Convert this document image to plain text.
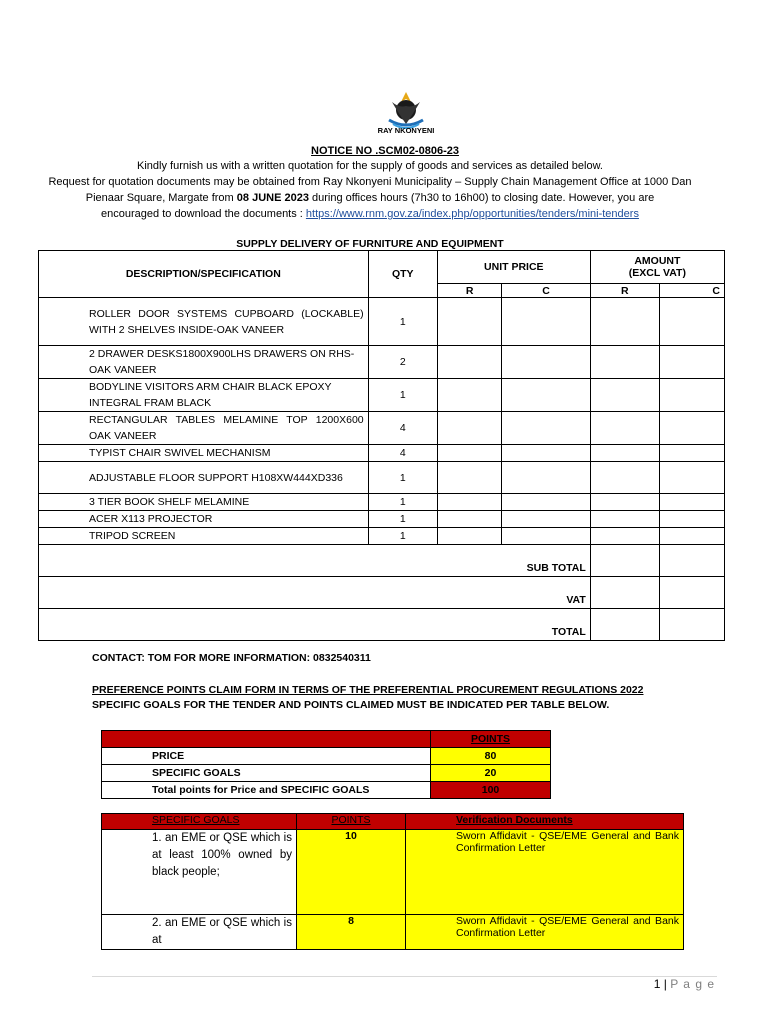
RAY NKONYENI
NOTICE NO .SCM02-0806-23
Kindly furnish us with a written quotation for the supply of goods and services as detailed below.
Request for quotation documents may be obtained from Ray Nkonyeni Municipality – Supply Chain Management Office at 1000 Dan
Pienaar Square, Margate from 08 JUNE 2023 during offices hours (7h30 to 16h00) to closing date. However, you are
encouraged to download the documents : https://www.rnm.gov.za/index.php/opportunities/tenders/mini-tenders
SUPPLY DELIVERY OF FURNITURE AND EQUIPMENT
DESCRIPTION/SPECIFICATION	QTY	UNIT PRICE		AMOUNT
(EXCL VAT)	

		R	C	R	C
ROLLER DOOR SYSTEMS CUPBOARD (LOCKABLE) WITH 2 SHELVES INSIDE-OAK VANEER	1				
2 DRAWER DESKS1800X900LHS DRAWERS ON RHS-OAK VANEER	2				
BODYLINE VISITORS ARM CHAIR BLACK EPOXY INTEGRAL FRAM BLACK	1				
RECTANGULAR TABLES MELAMINE TOP 1200X600 OAK VANEER	4				
TYPIST CHAIR SWIVEL MECHANISM	4				
ADJUSTABLE FLOOR SUPPORT H108XW444XD336	1				
3 TIER BOOK SHELF MELAMINE	1				
ACER X113 PROJECTOR	1				
TRIPOD SCREEN	1				
SUB TOTAL					
VAT					
TOTAL					
CONTACT: TOM FOR MORE INFORMATION: 0832540311
PREFERENCE POINTS CLAIM FORM IN TERMS OF THE PREFERENTIAL PROCUREMENT REGULATIONS 2022
SPECIFIC GOALS FOR THE TENDER AND POINTS CLAIMED MUST BE INDICATED PER TABLE BELOW.
	POINTS
PRICE	80
SPECIFIC GOALS	20
Total points for Price and SPECIFIC GOALS	100
SPECIFIC GOALS	POINTS	Verification Documents

1. an EME or QSE which is at least 100% owned by black people;	10	Sworn Affidavit - QSE/EME General and Bank Confirmation Letter

2. an EME or QSE which is at	8	Sworn Affidavit - QSE/EME General and Bank Confirmation Letter
1 | P a g e
